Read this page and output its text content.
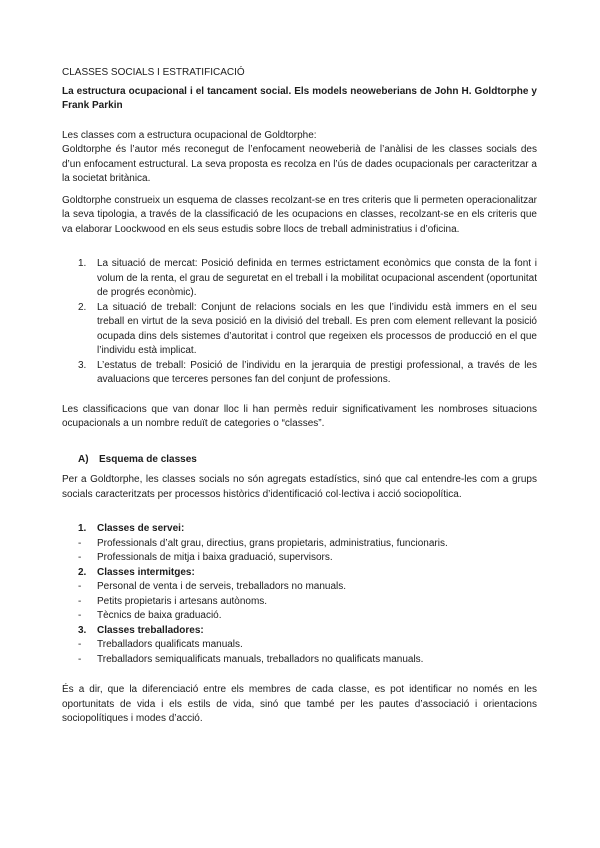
CLASSES SOCIALS I ESTRATIFICACIÓ
La estructura ocupacional i el tancament social. Els models neoweberians de John H. Goldtorphe y Frank Parkin

Les classes com a estructura ocupacional de Goldtorphe:

Goldtorphe és l’autor més reconegut de l’enfocament neoweberià de l’anàlisi de les classes socials des d’un enfocament estructural. La seva proposta es recolza en l’ús de dades ocupacionals per caracteritzar a la societat britànica.

Goldtorphe construeix un esquema de classes recolzant-se en tres criteris que li permeten operacionalitzar la seva tipologia, a través de la classificació de les ocupacions en classes, recolzant-se en els criteris que va elaborar Loockwood en els seus estudis sobre llocs de treball administratius i d’oficina.

1.	La situació de mercat: Posició definida en termes estrictament econòmics que consta de la font i volum de la renta, el grau de seguretat en el treball i la mobilitat ocupacional ascendent (oportunitat de progrés econòmic).
2.	La situació de treball: Conjunt de relacions socials en les que l’individu està immers en el seu treball en virtut de la seva posició en la divisió del treball. Es pren com element rellevant la posició ocupada dins dels sistemes d’autoritat i control que regeixen els processos de producció en el que l’individu està implicat.
3.	L’estatus de treball: Posició de l’individu en la jerarquia de prestigi professional, a través de les avaluacions que terceres persones fan del conjunt de professions.

Les classificacions que van donar lloc li han permès reduir significativament les nombroses situacions ocupacionals a un nombre reduït de categories o “classes”.

A)	Esquema de classes

Per a Goldtorphe, les classes socials no són agregats estadístics, sinó que cal entendre-les com a grups socials caracteritzats per processos històrics d’identificació col·lectiva i acció sociopolítica.

1.	Classes de servei:
-	Professionals d’alt grau, directius, grans propietaris, administratius, funcionaris.
-	Professionals de mitja i baixa graduació, supervisors.
2.	Classes intermitges:
-	Personal de venta i de serveis, treballadors no manuals.
-	Petits propietaris i artesans autònoms.
-	Tècnics de baixa graduació.
3.	Classes treballadores:
-	Treballadors qualificats manuals.
-	Treballadors semiqualificats manuals, treballadors no qualificats manuals.

És a dir, que la diferenciació entre els membres de cada classe, es pot identificar no només en les oportunitats de vida i els estils de vida, sinó que també per les pautes d’associació i orientacions sociopolítiques i modes d’acció.
